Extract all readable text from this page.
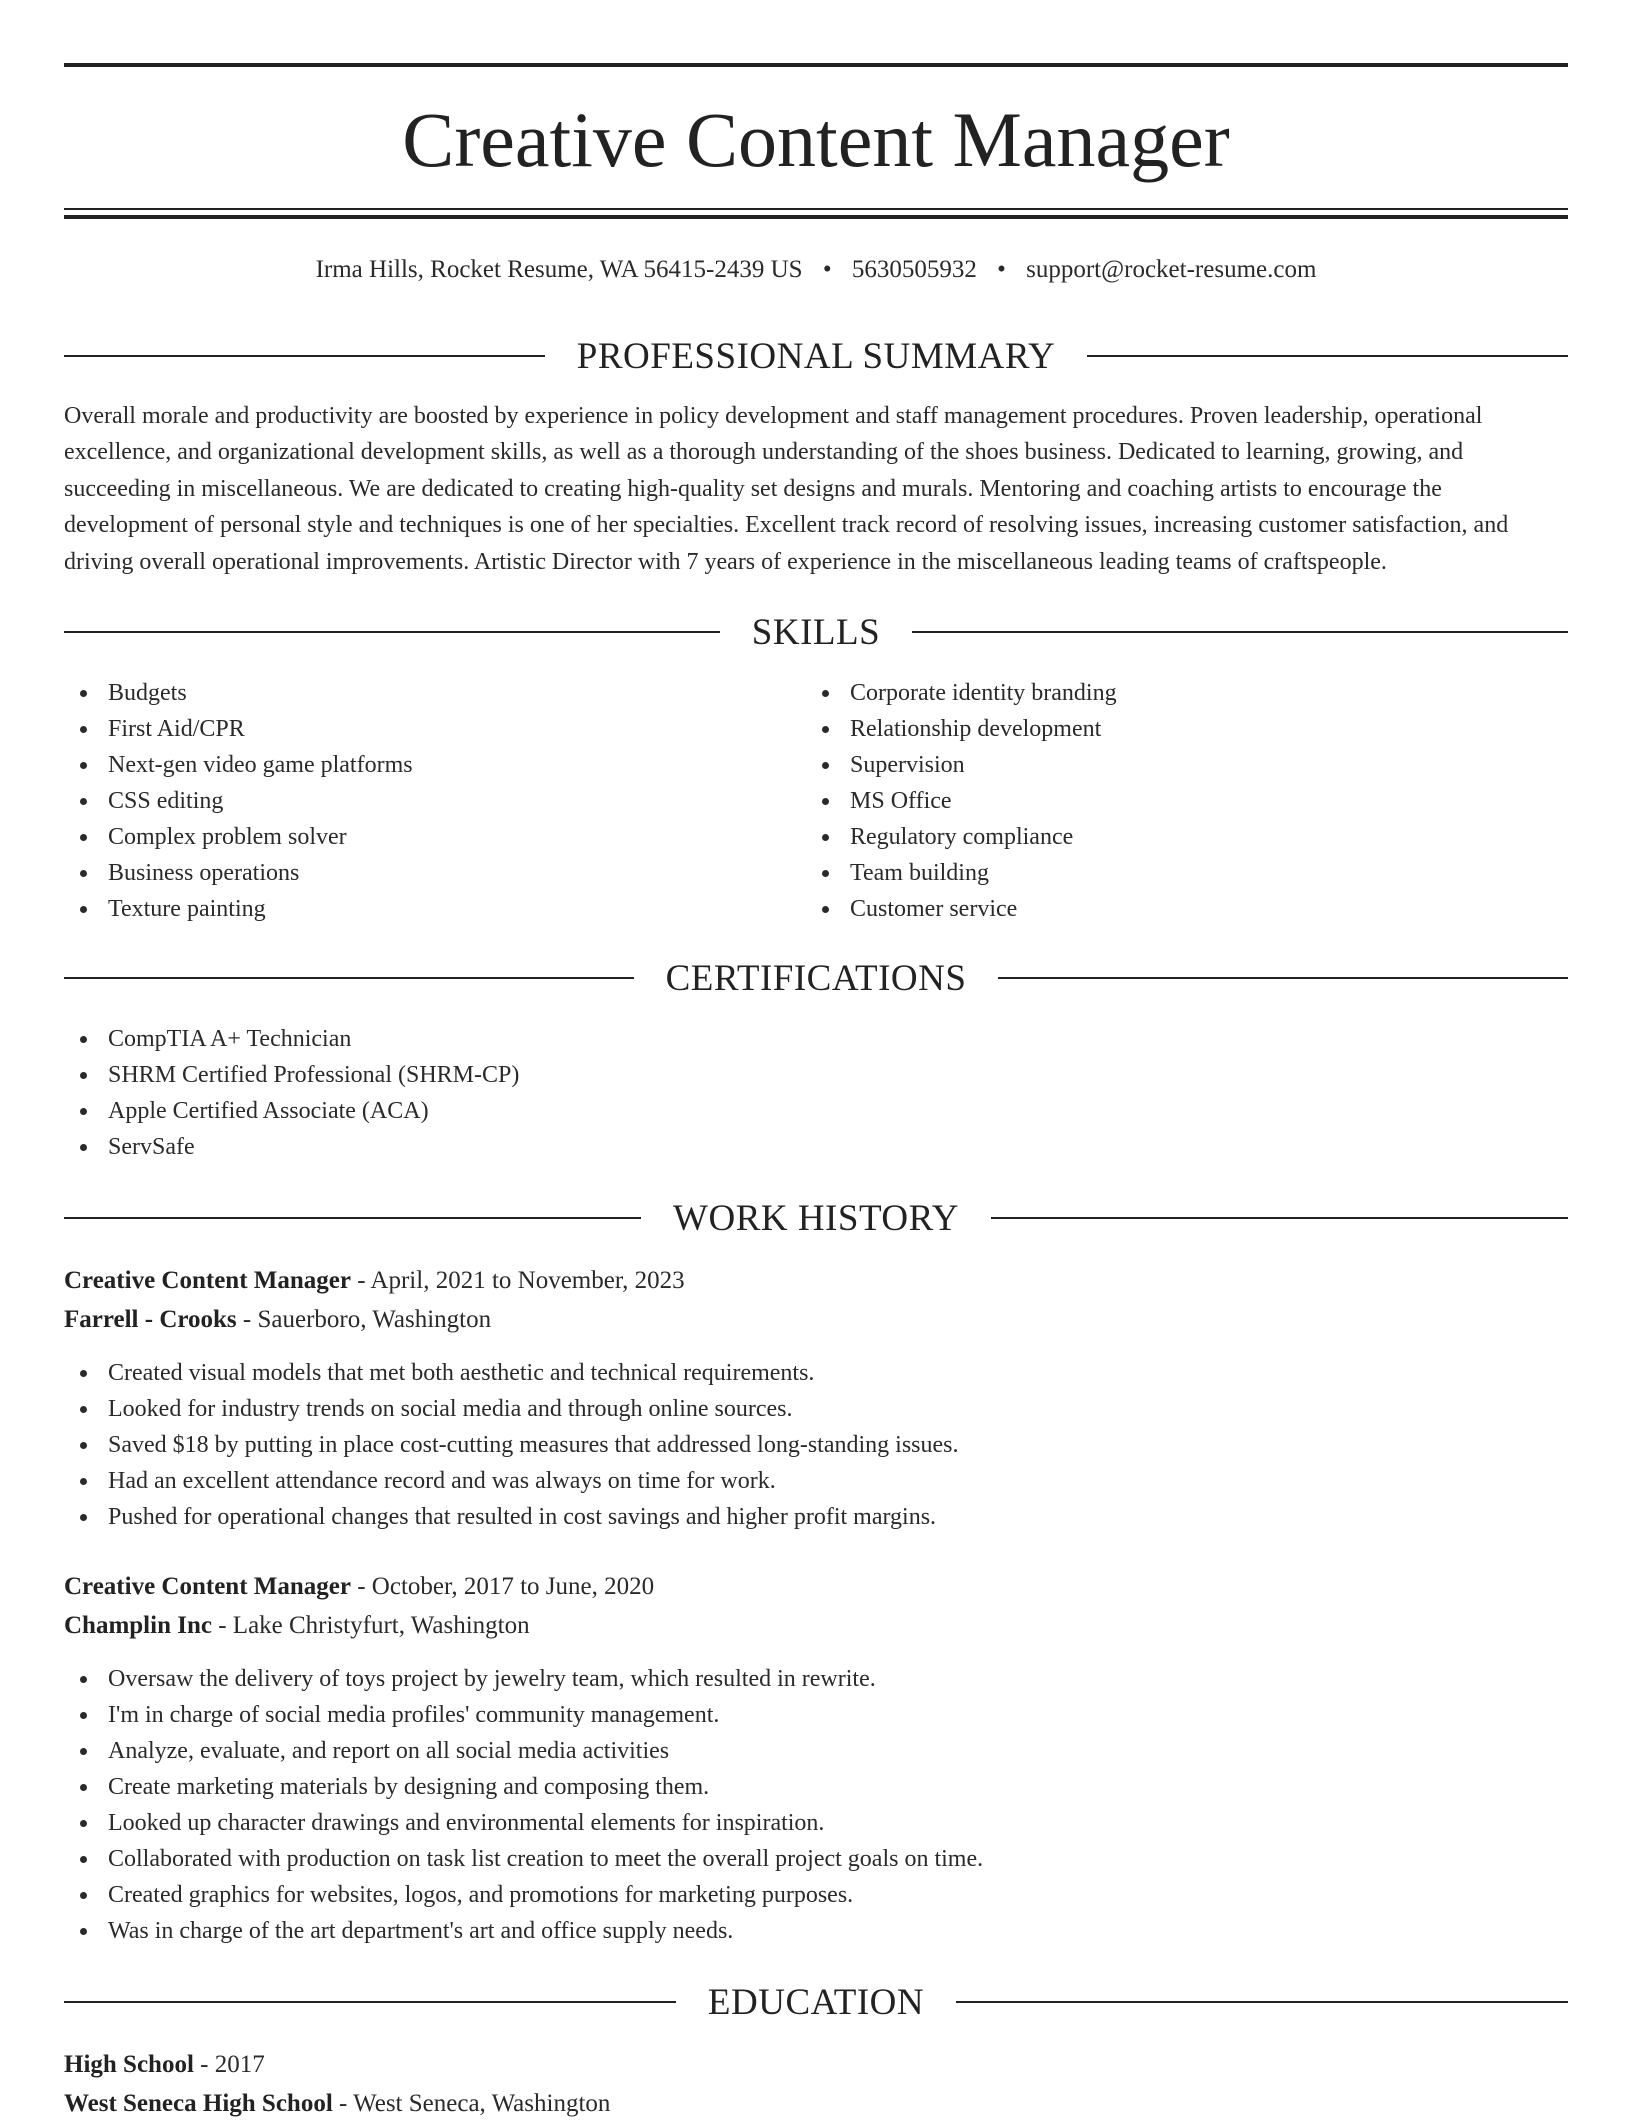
Creative Content Manager
Irma Hills, Rocket Resume, WA 56415-2439 US • 5630505932 • support@rocket-resume.com
PROFESSIONAL SUMMARY

Overall morale and productivity are boosted by experience in policy development and staff management procedures. Proven leadership, operational excellence, and organizational development skills, as well as a thorough understanding of the shoes business. Dedicated to learning, growing, and succeeding in miscellaneous. We are dedicated to creating high-quality set designs and murals. Mentoring and coaching artists to encourage the development of personal style and techniques is one of her specialties. Excellent track record of resolving issues, increasing customer satisfaction, and driving overall operational improvements. Artistic Director with 7 years of experience in the miscellaneous leading teams of craftspeople.

SKILLS
Budgets
First Aid/CPR
Next-gen video game platforms
CSS editing
Complex problem solver
Business operations
Texture painting
Corporate identity branding
Relationship development
Supervision
MS Office
Regulatory compliance
Team building
Customer service
CERTIFICATIONS
CompTIA A+ Technician
SHRM Certified Professional (SHRM-CP)
Apple Certified Associate (ACA)
ServSafe
WORK HISTORY
Creative Content Manager - April, 2021 to November, 2023
Farrell - Crooks - Sauerboro, Washington
Created visual models that met both aesthetic and technical requirements.
Looked for industry trends on social media and through online sources.
Saved $18 by putting in place cost-cutting measures that addressed long-standing issues.
Had an excellent attendance record and was always on time for work.
Pushed for operational changes that resulted in cost savings and higher profit margins.
Creative Content Manager - October, 2017 to June, 2020
Champlin Inc - Lake Christyfurt, Washington
Oversaw the delivery of toys project by jewelry team, which resulted in rewrite.
I'm in charge of social media profiles' community management.
Analyze, evaluate, and report on all social media activities
Create marketing materials by designing and composing them.
Looked up character drawings and environmental elements for inspiration.
Collaborated with production on task list creation to meet the overall project goals on time.
Created graphics for websites, logos, and promotions for marketing purposes.
Was in charge of the art department's art and office supply needs.
EDUCATION
High School - 2017
West Seneca High School - West Seneca, Washington
